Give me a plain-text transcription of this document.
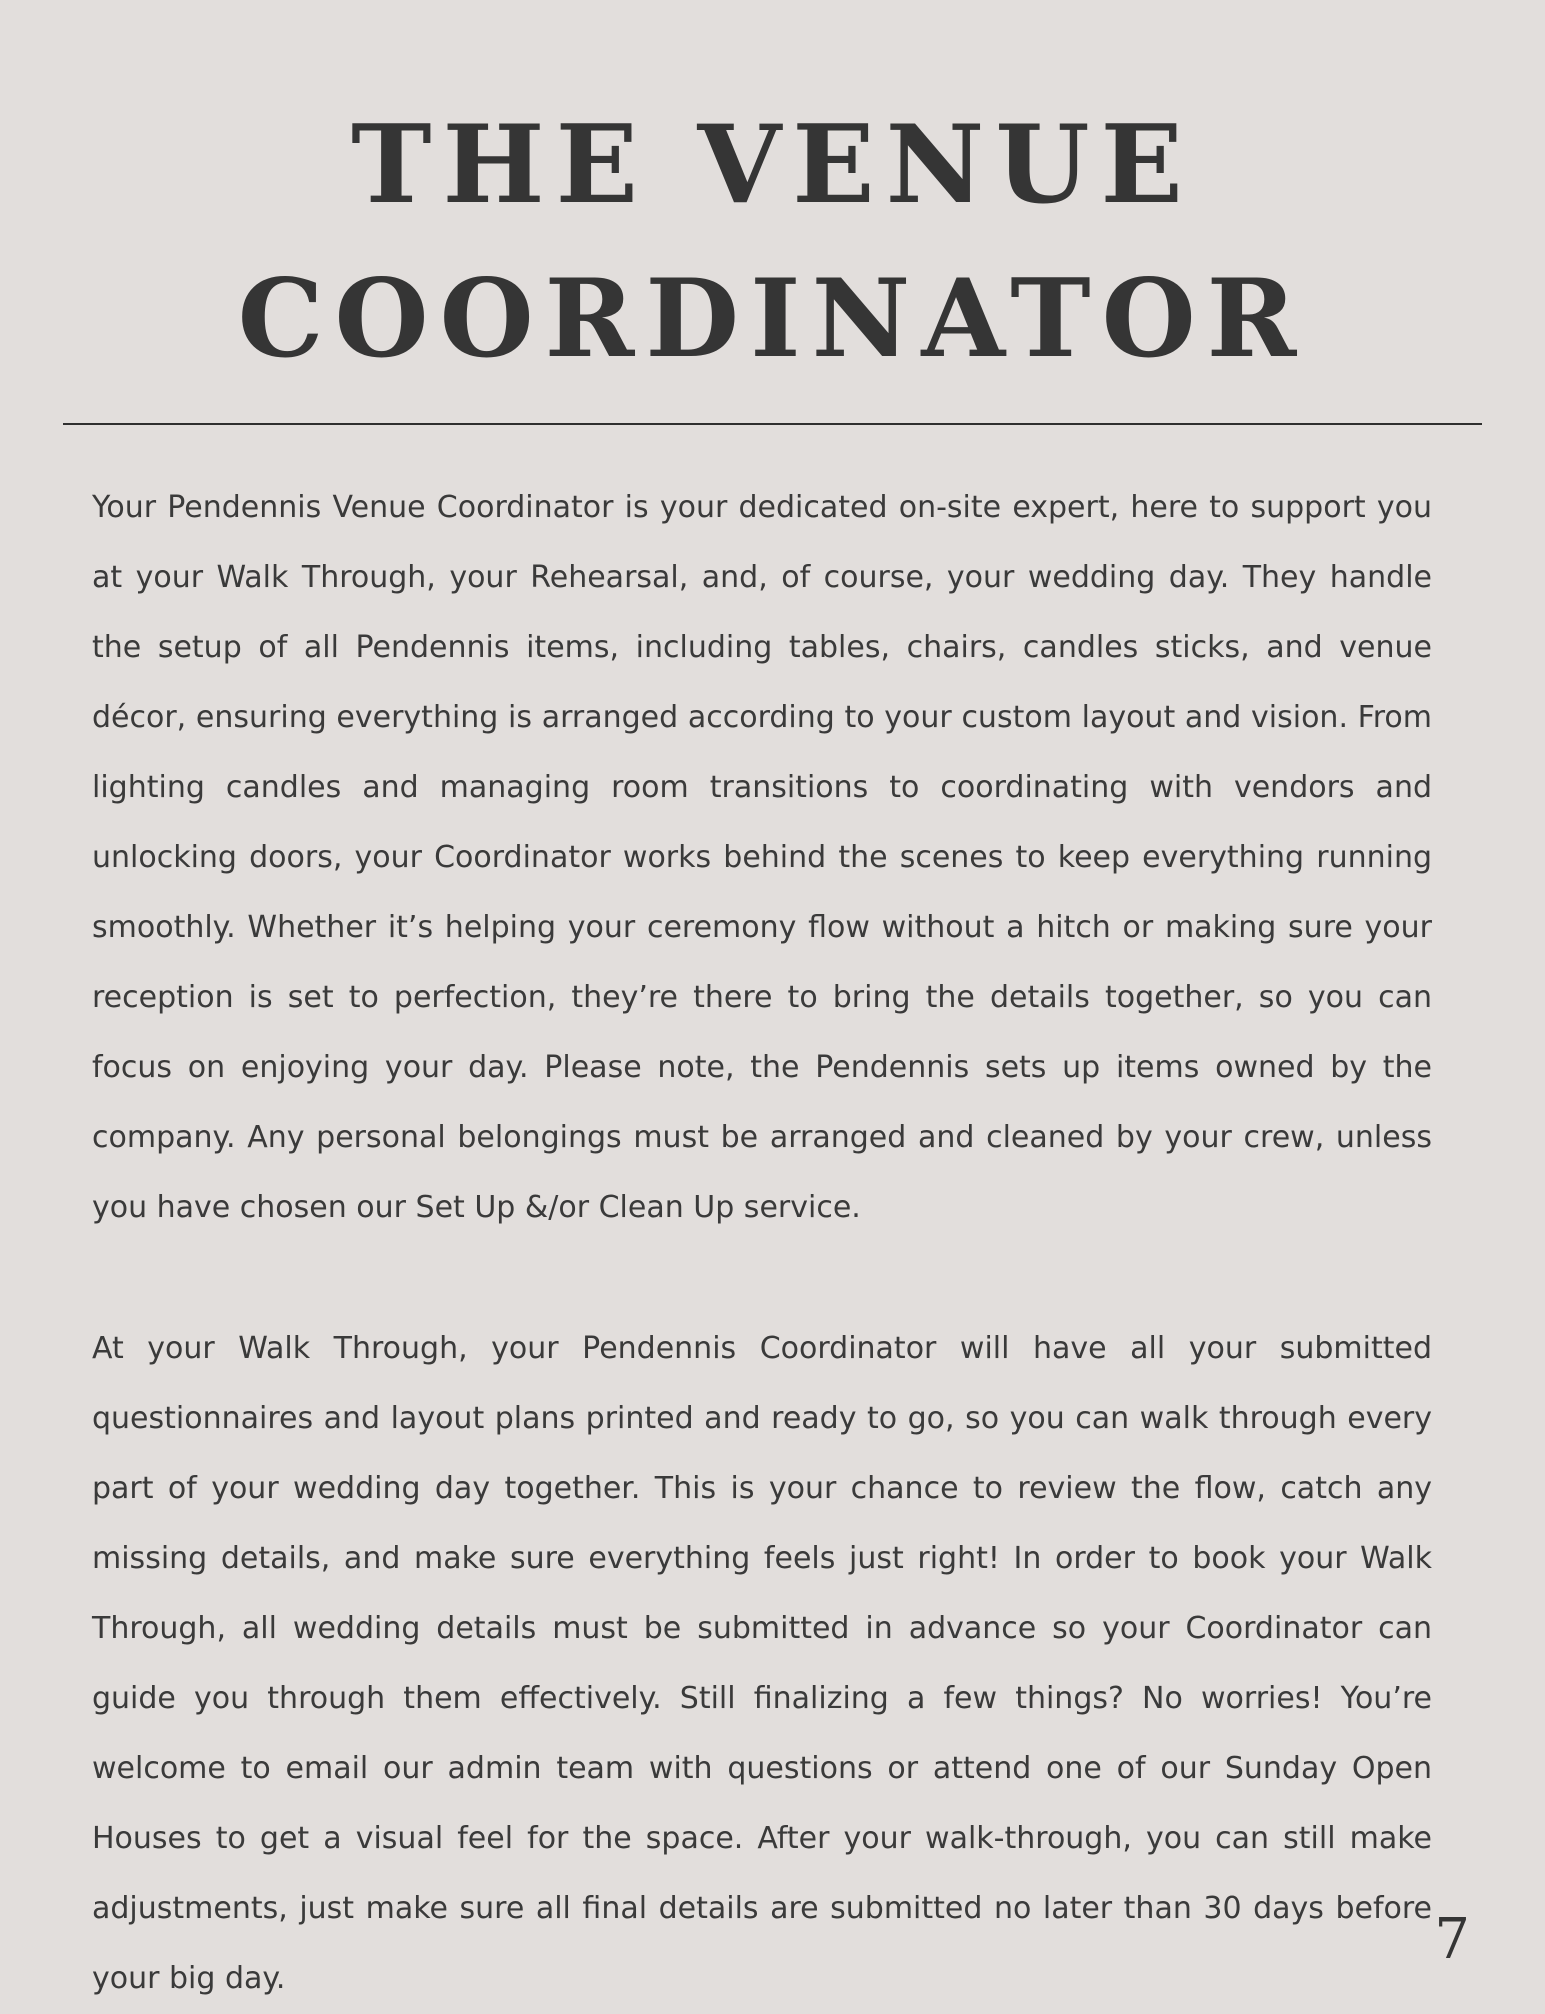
THE VENUE
COORDINATOR

Your Pendennis Venue Coordinator is your dedicated on-site expert, here to support you at your Walk Through, your Rehearsal, and, of course, your wedding day. They handle the setup of all Pendennis items, including tables, chairs, candles sticks, and venue décor, ensuring everything is arranged according to your custom layout and vision. From lighting candles and managing room transitions to coordinating with vendors and unlocking doors, your Coordinator works behind the scenes to keep everything running smoothly. Whether it’s helping your ceremony flow without a hitch or making sure your reception is set to perfection, they’re there to bring the details together, so you can focus on enjoying your day. Please note, the Pendennis sets up items owned by the company. Any personal belongings must be arranged and cleaned by your crew, unless you have chosen our Set Up &/or Clean Up service.

At your Walk Through, your Pendennis Coordinator will have all your submitted questionnaires and layout plans printed and ready to go, so you can walk through every part of your wedding day together. This is your chance to review the flow, catch any missing details, and make sure everything feels just right! In order to book your Walk Through, all wedding details must be submitted in advance so your Coordinator can guide you through them effectively. Still finalizing a few things? No worries! You’re welcome to email our admin team with questions or attend one of our Sunday Open Houses to get a visual feel for the space. After your walk-through, you can still make adjustments, just make sure all final details are submitted no later than 30 days before your big day.

7
